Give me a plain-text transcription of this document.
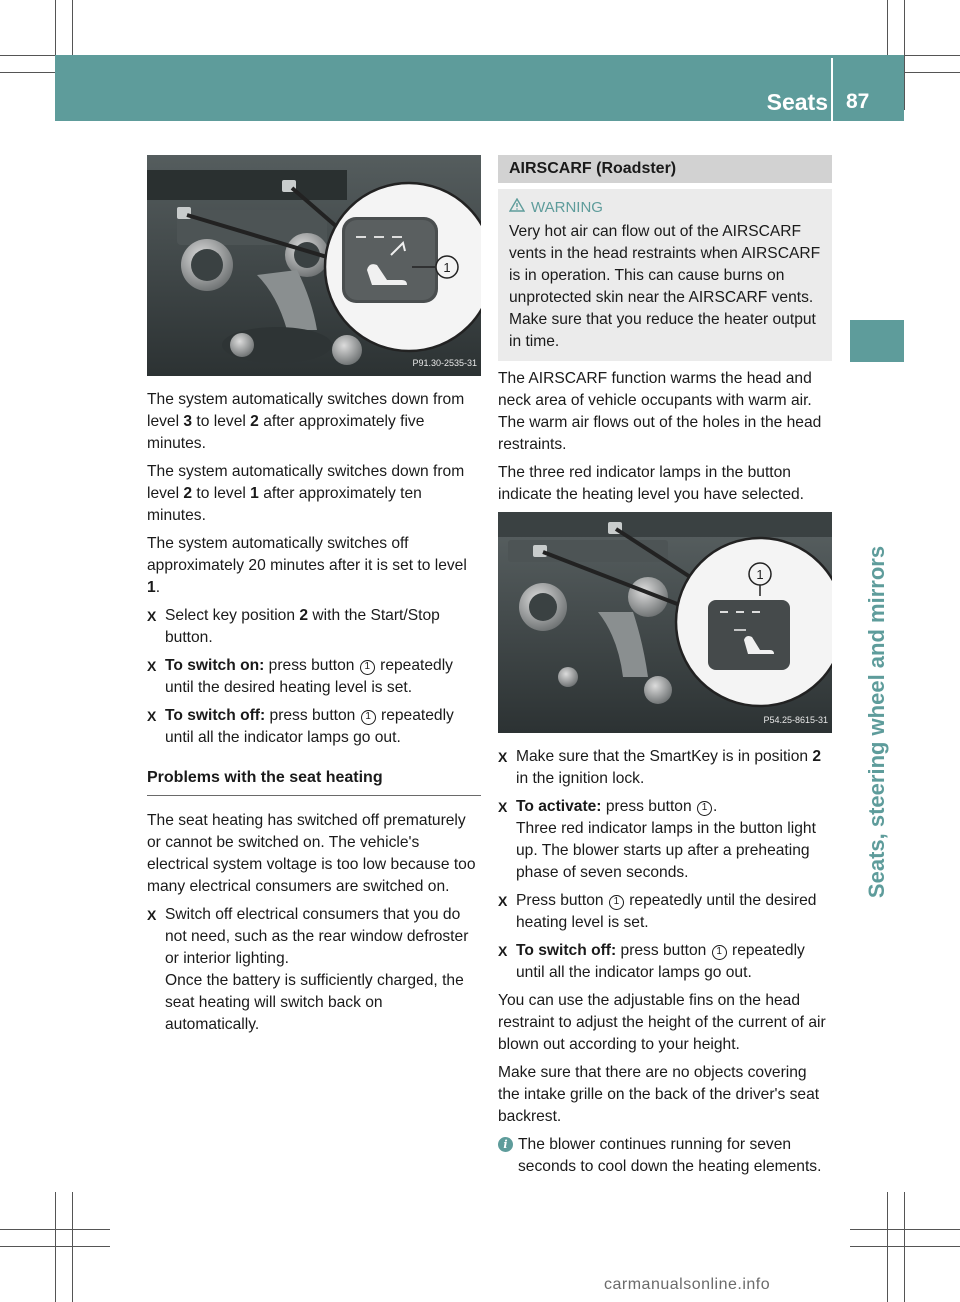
Seats 87
Seats, steering wheel and mirrors
1
P91.30-2535-31

The system automatically switches down from level 3 to level 2 after approximately five minutes.

The system automatically switches down from level 2 to level 1 after approximately ten minutes.

The system automatically switches off approximately 20 minutes after it is set to level 1.

X Select key position 2 with the Start/Stop button.
X To switch on: press button 1 repeatedly until the desired heating level is set.
X To switch off: press button 1 repeatedly until all the indicator lamps go out.
Problems with the seat heating

The seat heating has switched off prematurely or cannot be switched on. The vehicle's electrical system voltage is too low because too many electrical consumers are switched on.

X Switch off electrical consumers that you do not need, such as the rear window defroster or interior lighting.
Once the battery is sufficiently charged, the seat heating will switch back on automatically.
AIRSCARF (Roadster)
WARNING
Very hot air can flow out of the AIRSCARF vents in the head restraints when AIRSCARF is in operation. This can cause burns on unprotected skin near the AIRSCARF vents. Make sure that you reduce the heater output in time.

The AIRSCARF function warms the head and neck area of vehicle occupants with warm air. The warm air flows out of the holes in the head restraints.

The three red indicator lamps in the button indicate the heating level you have selected.

1
P54.25-8615-31
X Make sure that the SmartKey is in position 2 in the ignition lock.
X To activate: press button 1 .
Three red indicator lamps in the button light up. The blower starts up after a preheating phase of seven seconds.
X Press button 1 repeatedly until the desired heating level is set.
X To switch off: press button 1 repeatedly until all the indicator lamps go out.

You can use the adjustable fins on the head restraint to adjust the height of the current of air blown out according to your height.

Make sure that there are no objects covering the intake grille on the back of the driver's seat backrest.

i The blower continues running for seven seconds to cool down the heating elements.
carmanualsonline.info
